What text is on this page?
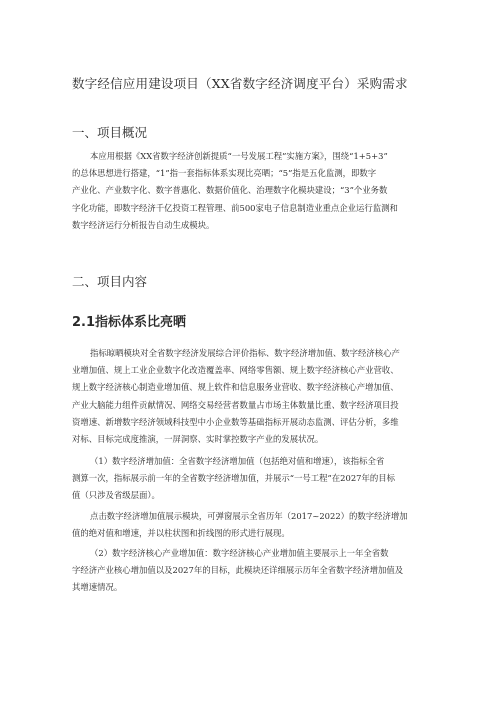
数字经信应用建设项目（XX省数字经济调度平台）采购需求
一、项目概况
本应用根据《XX省数字经济创新提质“一号发展工程”实施方案》，围绕“1+5+3”
的总体思想进行搭建，“1”指一套指标体系实现比亮晒；“5”指是五化监测，即数字
产业化、产业数字化、数字普惠化、数据价值化、治理数字化模块建设；“3”个业务数
字化功能，即数字经济千亿投资工程管理、前500家电子信息制造业重点企业运行监测和
数字经济运行分析报告自动生成模块。
二、项目内容
2.1指标体系比亮晒
指标晾晒模块对全省数字经济发展综合评价指标、数字经济增加值、数字经济核心产
业增加值、规上工业企业数字化改造覆盖率、网络零售额、规上数字经济核心产业营收、
规上数字经济核心制造业增加值、规上软件和信息服务业营收、数字经济核心产增加值、
产业大脑能力组件贡献情况、网络交易经营者数量占市场主体数量比重、数字经济项目投
资增速、新增数字经济领域科技型中小企业数等基础指标开展动态监测、评估分析，多维
对标、目标完成度推演，一屏洞察、实时掌控数字产业的发展状况。
（1）数字经济增加值：全省数字经济增加值（包括绝对值和增速），该指标全省
测算一次，指标展示前一年的全省数字经济增加值，并展示“一号工程”在2027年的目标
值（只涉及省级层面）。
点击数字经济增加值展示模块，可弹窗展示全省历年（2017~2022）的数字经济增加
值的绝对值和增速，并以柱状图和折线图的形式进行展现。
（2）数字经济核心产业增加值：数字经济核心产业增加值主要展示上一年全省数
字经济产业核心增加值以及2027年的目标，此模块还详细展示历年全省数字经济增加值及
其增速情况。
